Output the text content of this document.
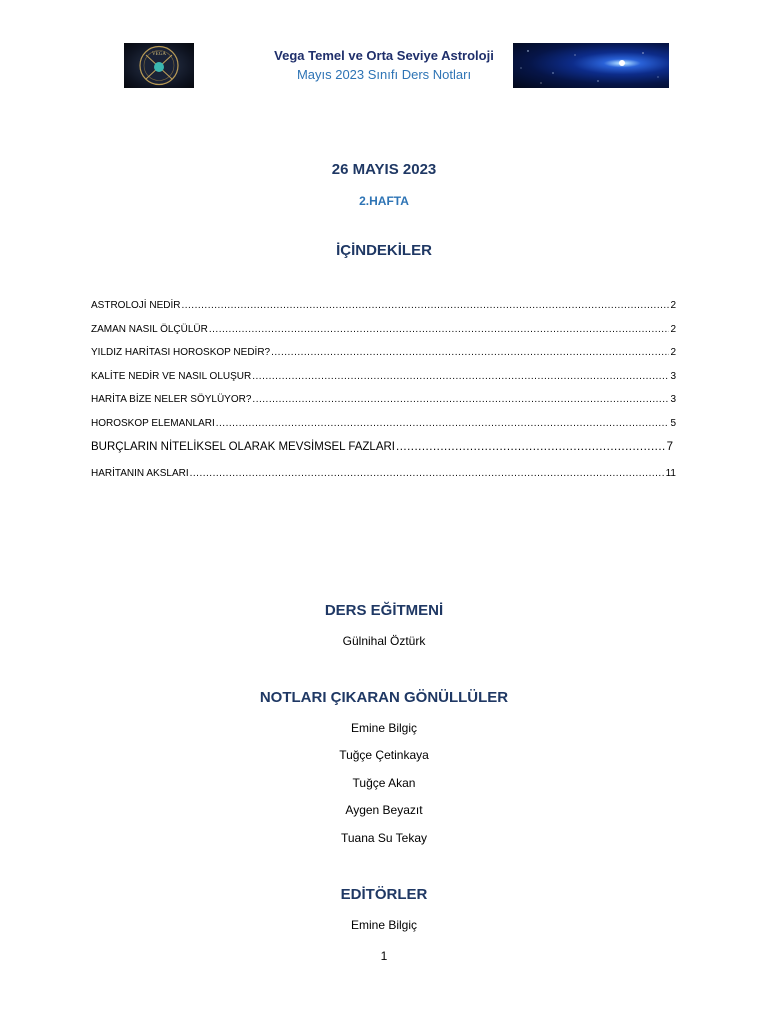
VEGA	Vega Temel ve Orta Seviye Astroloji
Mayıs 2023 Sınıfı Ders Notları
26 MAYIS 2023
2.HAFTA
İÇİNDEKİLER
ASTROLOJİ NEDİR .....	2
ZAMAN NASIL ÖLÇÜLÜR .....	2
YILDIZ HARİTASI HOROSKOP NEDİR? .....	2
KALİTE NEDİR VE NASIL OLUŞUR .....	3
HARİTA BİZE NELER SÖYLÜYOR? .....	3
HOROSKOP ELEMANLARI .....	5
BURÇLARIN NİTELİKSEL OLARAK MEVSİMSEL FAZLARI .....	7
HARİTANIN AKSLARI .....	11
DERS EĞİTMENİ
Gülnihal Öztürk
NOTLARI ÇIKARAN GÖNÜLLÜLER
Emine Bilgiç
Tuğçe Çetinkaya
Tuğçe Akan
Aygen Beyazıt
Tuana Su Tekay
EDİTÖRLER
Emine Bilgiç
1
